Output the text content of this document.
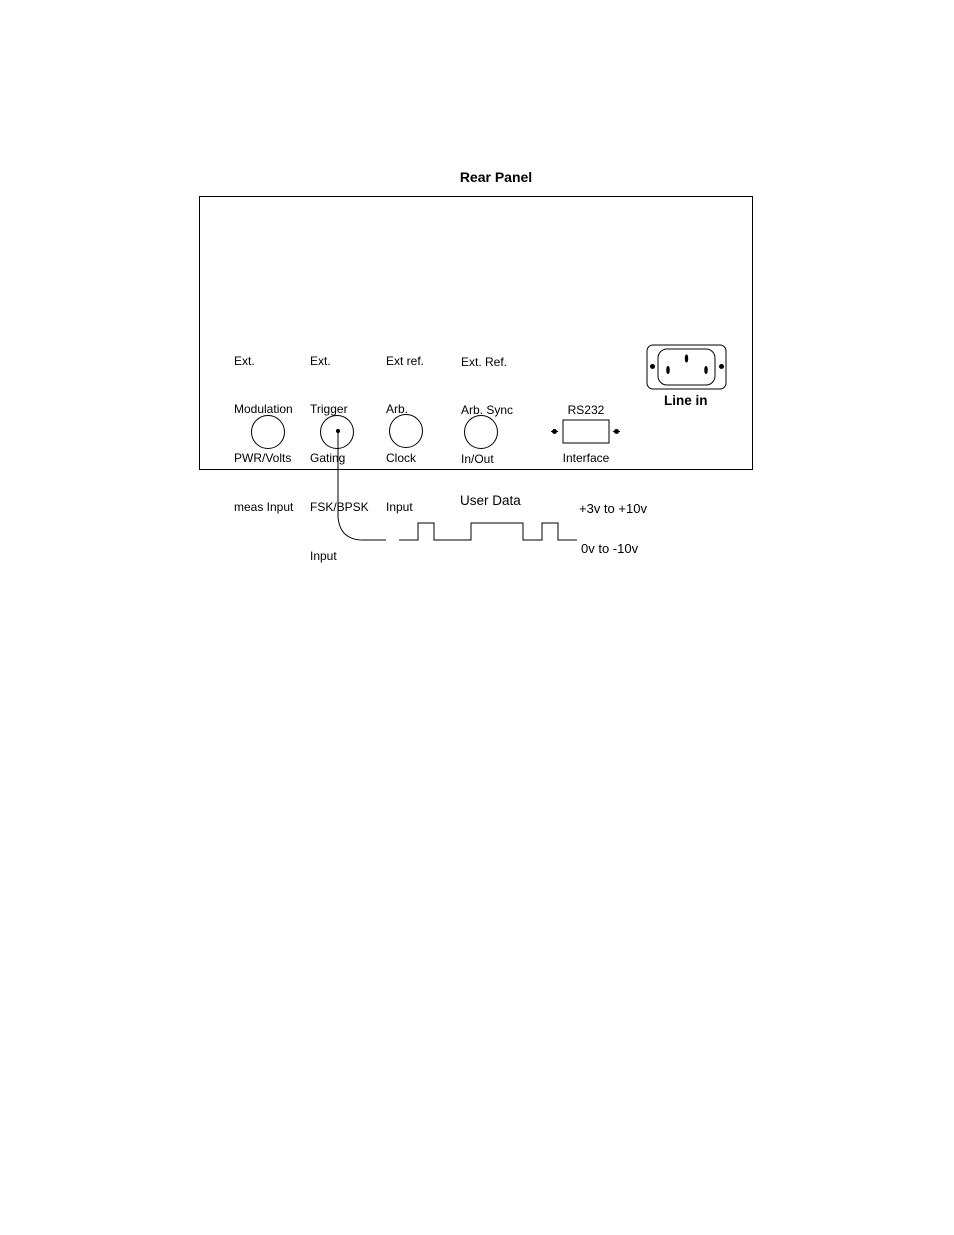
Rear Panel

Ext.

Modulation

PWR/Volts

meas Input

Ext.

Trigger

Gating

FSK/BPSK

Input

Ext ref.

Arb.

Clock

Input

Ext. Ref.

Arb. Sync

In/Out

RS232

Interface

Line in
User Data
+3v to +10v
0v to -10v
